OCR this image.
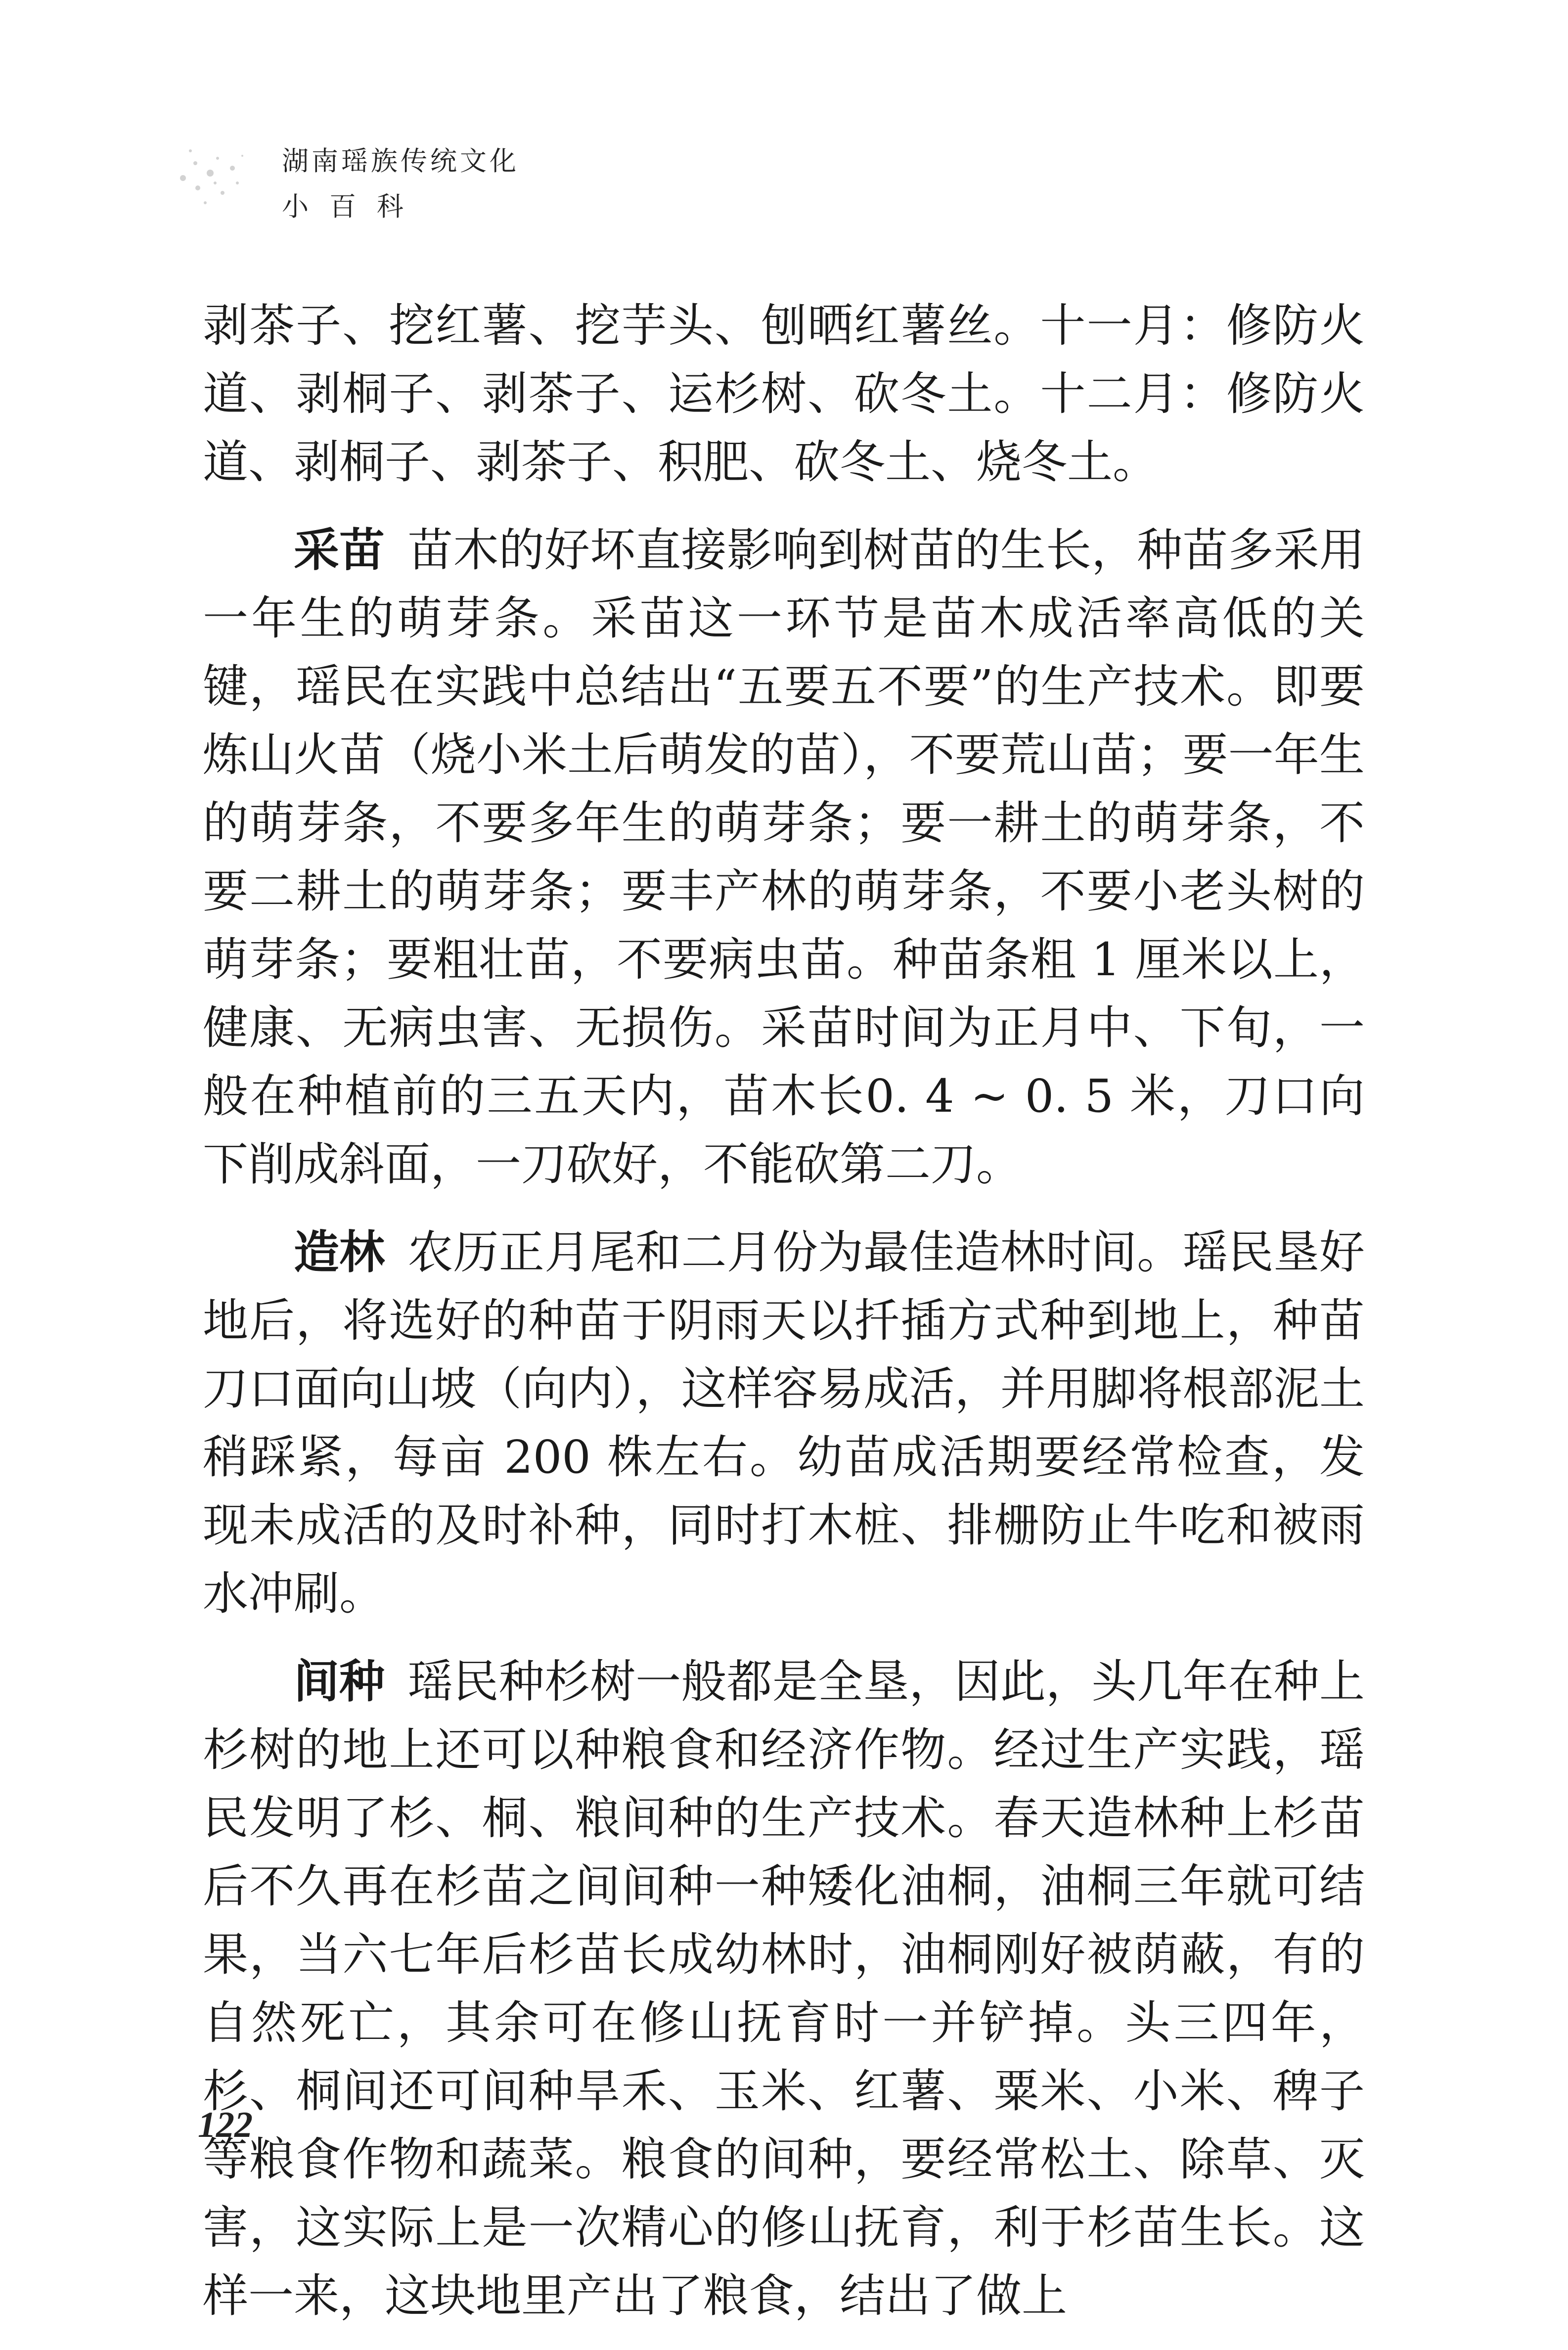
湖南瑶族传统文化
小百科

剥茶子、挖红薯、挖芋头、刨晒红薯丝。十一月：修防火道、剥桐子、剥茶子、运杉树、砍冬土。十二月：修防火道、剥桐子、剥茶子、积肥、砍冬土、烧冬土。

采苗 苗木的好坏直接影响到树苗的生长，种苗多采用一年生的萌芽条。采苗这一环节是苗木成活率高低的关键，瑶民在实践中总结出“五要五不要”的生产技术。即要炼山火苗（烧小米土后萌发的苗），不要荒山苗；要一年生的萌芽条，不要多年生的萌芽条；要一耕土的萌芽条，不要二耕土的萌芽条；要丰产林的萌芽条，不要小老头树的萌芽条；要粗壮苗，不要病虫苗。种苗条粗 1 厘米以上，健康、无病虫害、无损伤。采苗时间为正月中、下旬，一般在种植前的三五天内，苗木长0. 4 ~ 0. 5 米，刀口向下削成斜面，一刀砍好，不能砍第二刀。

造林 农历正月尾和二月份为最佳造林时间。瑶民垦好地后，将选好的种苗于阴雨天以扦插方式种到地上，种苗刀口面向山坡（向内），这样容易成活，并用脚将根部泥土稍踩紧，每亩 200 株左右。幼苗成活期要经常检查，发现未成活的及时补种，同时打木桩、排栅防止牛吃和被雨水冲刷。

间种 瑶民种杉树一般都是全垦，因此，头几年在种上杉树的地上还可以种粮食和经济作物。经过生产实践，瑶民发明了杉、桐、粮间种的生产技术。春天造林种上杉苗后不久再在杉苗之间间种一种矮化油桐，油桐三年就可结果，当六七年后杉苗长成幼林时，油桐刚好被荫蔽，有的自然死亡，其余可在修山抚育时一并铲掉。头三四年，杉、桐间还可间种旱禾、玉米、红薯、粟米、小米、稗子等粮食作物和蔬菜。粮食的间种，要经常松土、除草、灭害，这实际上是一次精心的修山抚育，利于杉苗生长。这样一来，这块地里产出了粮食，结出了做上

122
